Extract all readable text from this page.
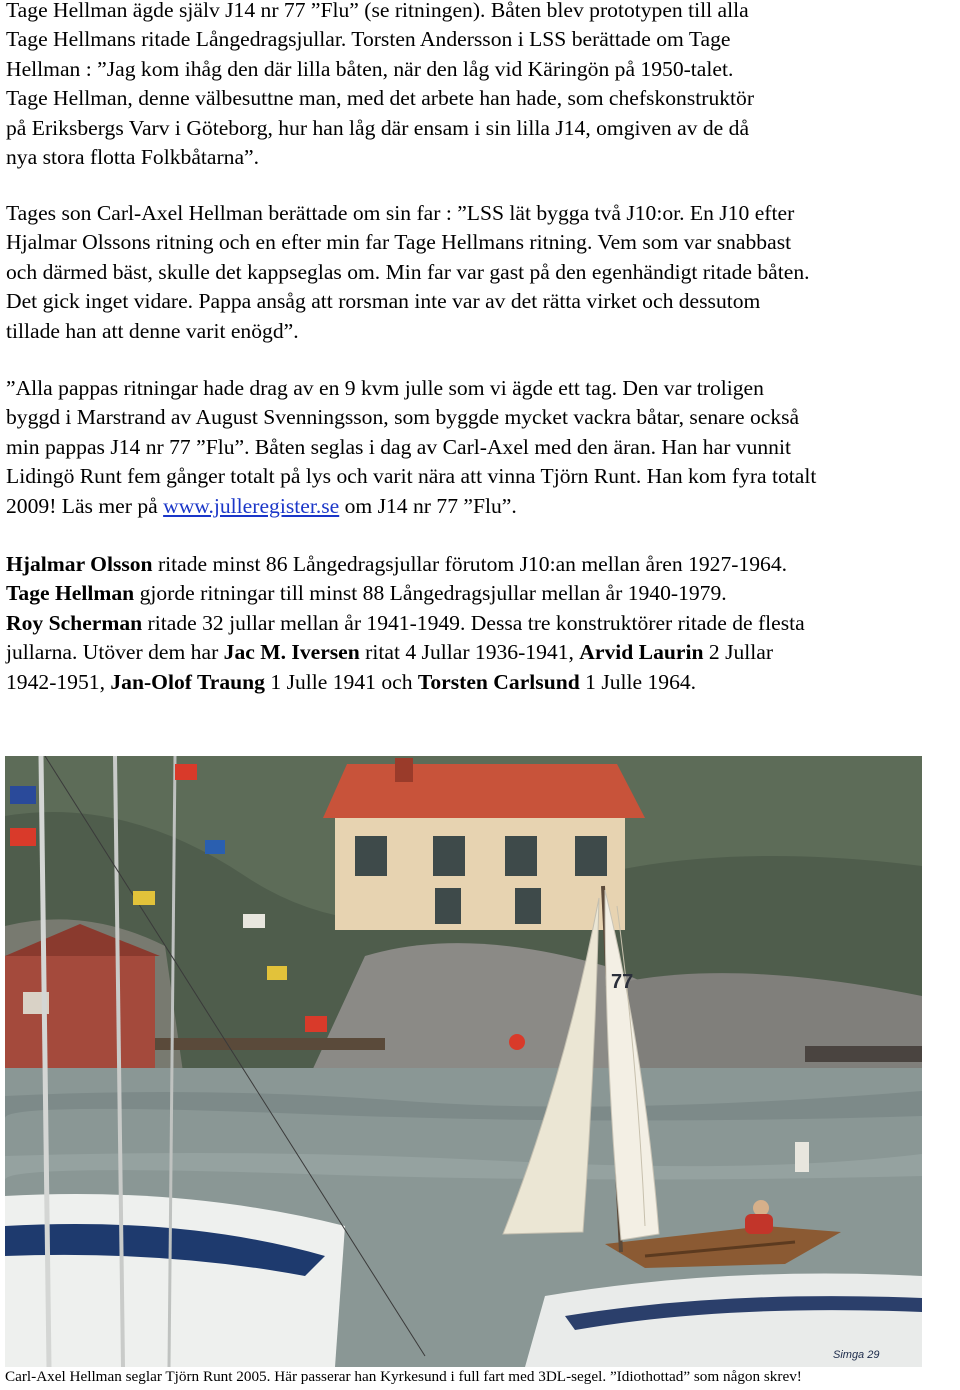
Tage Hellman ägde själv J14 nr 77 ”Flu” (se ritningen). Båten blev prototypen till alla
Tage Hellmans ritade Långedragsjullar. Torsten Andersson i LSS berättade om Tage
Hellman : ”Jag kom ihåg den där lilla båten, när den låg vid Käringön på 1950-talet.
Tage Hellman, denne välbesuttne man, med det arbete han hade, som chefskonstruktör
på Eriksbergs Varv i Göteborg, hur han låg där ensam i sin lilla J14, omgiven av de då
nya stora flotta Folkbåtarna”.

Tages son Carl-Axel Hellman berättade om sin far : ”LSS lät bygga två J10:or. En J10 efter
Hjalmar Olssons ritning och en efter min far Tage Hellmans ritning. Vem som var snabbast
och därmed bäst, skulle det kappseglas om. Min far var gast på den egenhändigt ritade båten.
Det gick inget vidare. Pappa ansåg att rorsman inte var av det rätta virket och dessutom
tillade han att denne varit enögd”.

”Alla pappas ritningar hade drag av en 9 kvm julle som vi ägde ett tag. Den var troligen
byggd i Marstrand av August Svenningsson, som byggde mycket vackra båtar, senare också
min pappas J14 nr 77 ”Flu”. Båten seglas i dag av Carl-Axel med den äran. Han har vunnit
Lidingö Runt fem gånger totalt på lys och varit nära att vinna Tjörn Runt. Han kom fyra totalt
2009! Läs mer på www.julleregister.se om J14 nr 77 ”Flu”.

Hjalmar Olsson ritade minst 86 Långedragsjullar förutom J10:an mellan åren 1927-1964.
Tage Hellman gjorde ritningar till minst 88 Långedragsjullar mellan år 1940-1979.
Roy Scherman ritade 32 jullar mellan år 1941-1949. Dessa tre konstruktörer ritade de flesta
jullarna. Utöver dem har Jac M. Iversen ritat 4 Jullar 1936-1941, Arvid Laurin 2 Jullar
1942-1951, Jan-Olof Traung 1 Julle 1941 och Torsten Carlsund 1 Julle 1964.

77
Simga 29
Carl-Axel Hellman seglar Tjörn Runt 2005. Här passerar han Kyrkesund i full fart med 3DL-segel. ”Idiothottad” som någon skrev!
